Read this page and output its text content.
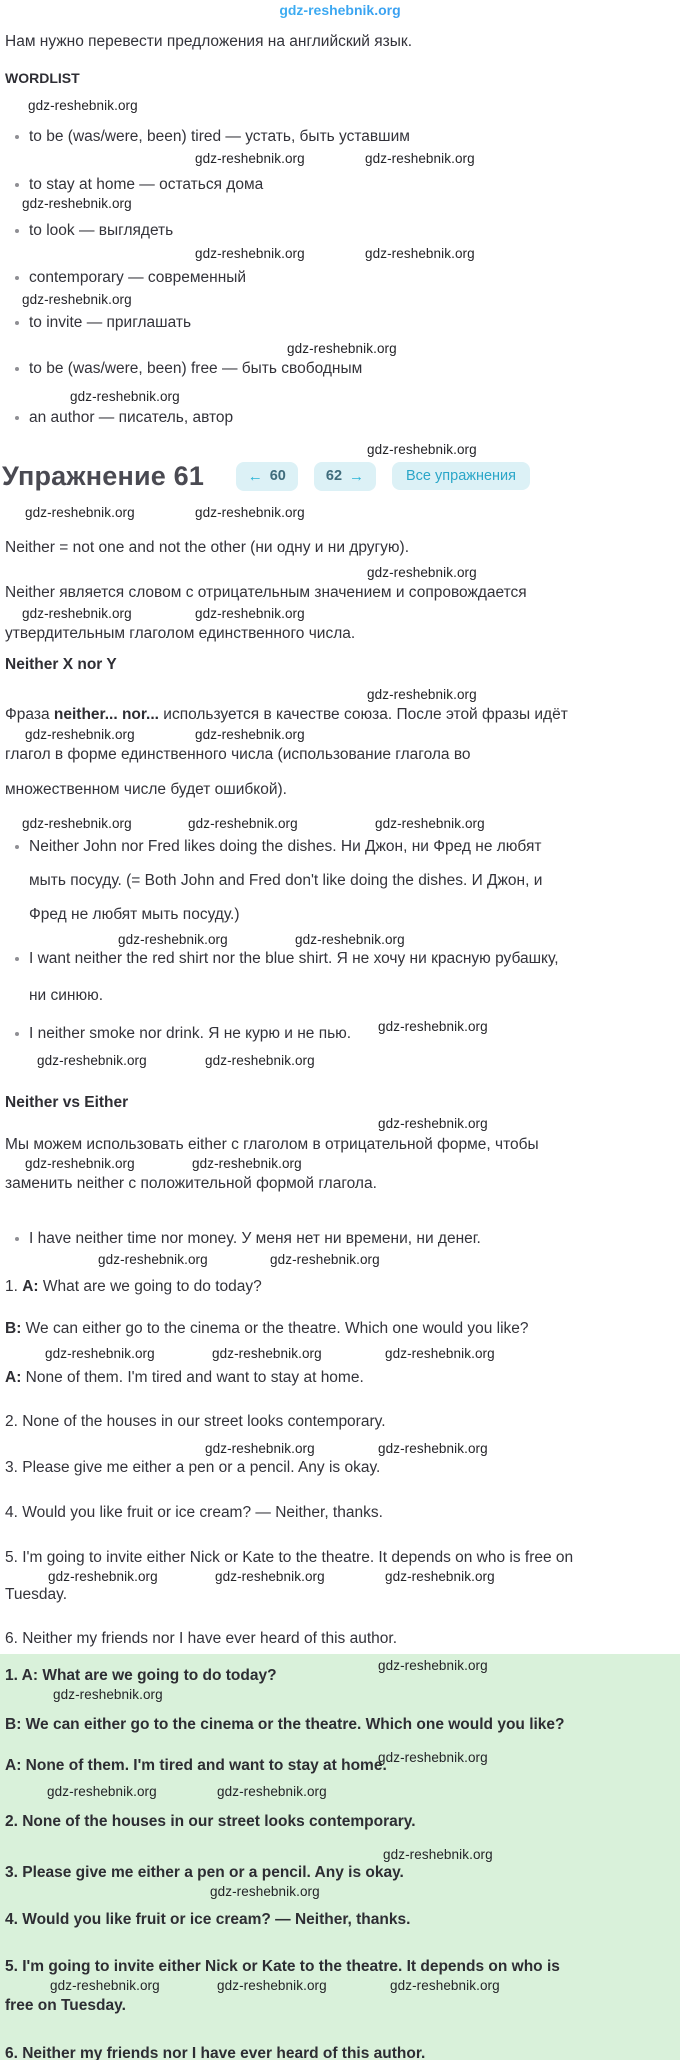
gdz-reshebnik.org

Нам нужно перевести предложения на английский язык.

WORDLIST
gdz-reshebnik.org
to be (was/were, been) tired — устать, быть уставшим
gdz-reshebnik.org	gdz-reshebnik.org
to stay at home — остаться дома
gdz-reshebnik.org
to look — выглядеть
gdz-reshebnik.org	gdz-reshebnik.org
contemporary — современный
gdz-reshebnik.org
to invite — приглашать
gdz-reshebnik.org
to be (was/were, been) free — быть свободным
gdz-reshebnik.org
an author — писатель, автор
gdz-reshebnik.org
Упражнение 61	← 60	62 →	Все упражнения
gdz-reshebnik.org	gdz-reshebnik.org

Neither = not one and not the other (ни одну и ни другую).

gdz-reshebnik.org

Neither является словом с отрицательным значением и сопровождается

gdz-reshebnik.org	gdz-reshebnik.org

утвердительным глаголом единственного числа.

Neither X nor Y
gdz-reshebnik.org

Фраза neither... nor... используется в качестве союза. После этой фразы идёт

gdz-reshebnik.org	gdz-reshebnik.org

глагол в форме единственного числа (использование глагола во

множественном числе будет ошибкой).

gdz-reshebnik.org	gdz-reshebnik.org	gdz-reshebnik.org
Neither John nor Fred likes doing the dishes. Ни Джон, ни Фред не любят
мыть посуду. (= Both John and Fred don't like doing the dishes. И Джон, и
Фред не любят мыть посуду.)
gdz-reshebnik.org	gdz-reshebnik.org
I want neither the red shirt nor the blue shirt. Я не хочу ни красную рубашку,
ни синюю.
I neither smoke nor drink. Я не курю и не пью. gdz-reshebnik.org
gdz-reshebnik.org	gdz-reshebnik.org
Neither vs Either
gdz-reshebnik.org

Мы можем использовать either с глаголом в отрицательной форме, чтобы

gdz-reshebnik.org	gdz-reshebnik.org

заменить neither с положительной формой глагола.

I have neither time nor money. У меня нет ни времени, ни денег.
gdz-reshebnik.org	gdz-reshebnik.org

1. A: What are we going to do today?

B: We can either go to the cinema or the theatre. Which one would you like?

gdz-reshebnik.org	gdz-reshebnik.org	gdz-reshebnik.org

A: None of them. I'm tired and want to stay at home.

2. None of the houses in our street looks contemporary.

gdz-reshebnik.org	gdz-reshebnik.org

3. Please give me either a pen or a pencil. Any is okay.

4. Would you like fruit or ice cream? — Neither, thanks.

5. I'm going to invite either Nick or Kate to the theatre. It depends on who is free on

gdz-reshebnik.org	gdz-reshebnik.org	gdz-reshebnik.org

Tuesday.

6. Neither my friends nor I have ever heard of this author.

1. A: What are we going to do today?
gdz-reshebnik.org
gdz-reshebnik.org
B: We can either go to the cinema or the theatre. Which one would you like?
A: None of them. I'm tired and want to stay at home.
gdz-reshebnik.org
gdz-reshebnik.org	gdz-reshebnik.org
2. None of the houses in our street looks contemporary.
gdz-reshebnik.org
3. Please give me either a pen or a pencil. Any is okay.
gdz-reshebnik.org
4. Would you like fruit or ice cream? — Neither, thanks.
5. I'm going to invite either Nick or Kate to the theatre. It depends on who is
gdz-reshebnik.org	gdz-reshebnik.org	gdz-reshebnik.org
free on Tuesday.
6. Neither my friends nor I have ever heard of this author.
